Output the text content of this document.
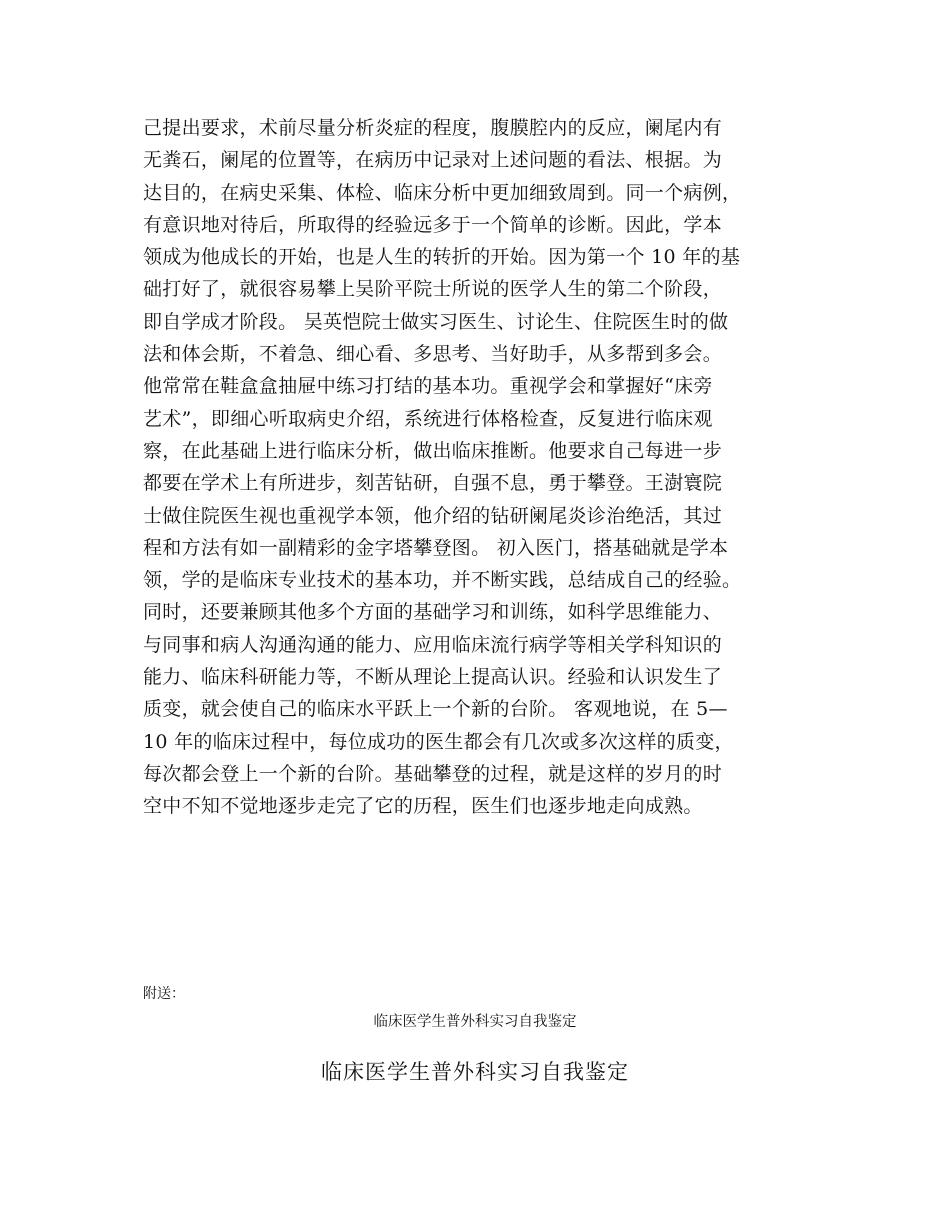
己提出要求，术前尽量分析炎症的程度，腹膜腔内的反应，阑尾内有
无粪石，阑尾的位置等，在病历中记录对上述问题的看法、根据。为
达目的，在病史采集、体检、临床分析中更加细致周到。同一个病例，
有意识地对待后，所取得的经验远多于一个简单的诊断。因此，学本
领成为他成长的开始，也是人生的转折的开始。因为第一个 10 年的基
础打好了，就很容易攀上吴阶平院士所说的医学人生的第二个阶段，
即自学成才阶段。 吴英恺院士做实习医生、讨论生、住院医生时的做
法和体会斯，不着急、细心看、多思考、当好助手，从多帮到多会。
他常常在鞋盒盒抽屉中练习打结的基本功。重视学会和掌握好“床旁
艺术”，即细心听取病史介绍，系统进行体格检查，反复进行临床观
察，在此基础上进行临床分析，做出临床推断。他要求自己每进一步
都要在学术上有所进步，刻苦钻研，自强不息，勇于攀登。王澍寰院
士做住院医生视也重视学本领，他介绍的钻研阑尾炎诊治绝活，其过
程和方法有如一副精彩的金字塔攀登图。 初入医门，搭基础就是学本
领，学的是临床专业技术的基本功，并不断实践，总结成自己的经验。
同时，还要兼顾其他多个方面的基础学习和训练，如科学思维能力、
与同事和病人沟通沟通的能力、应用临床流行病学等相关学科知识的
能力、临床科研能力等，不断从理论上提高认识。经验和认识发生了
质变，就会使自己的临床水平跃上一个新的台阶。 客观地说，在 5—
10 年的临床过程中，每位成功的医生都会有几次或多次这样的质变，
每次都会登上一个新的台阶。基础攀登的过程，就是这样的岁月的时
空中不知不觉地逐步走完了它的历程，医生们也逐步地走向成熟。

附送：

临床医学生普外科实习自我鉴定

临床医学生普外科实习自我鉴定
